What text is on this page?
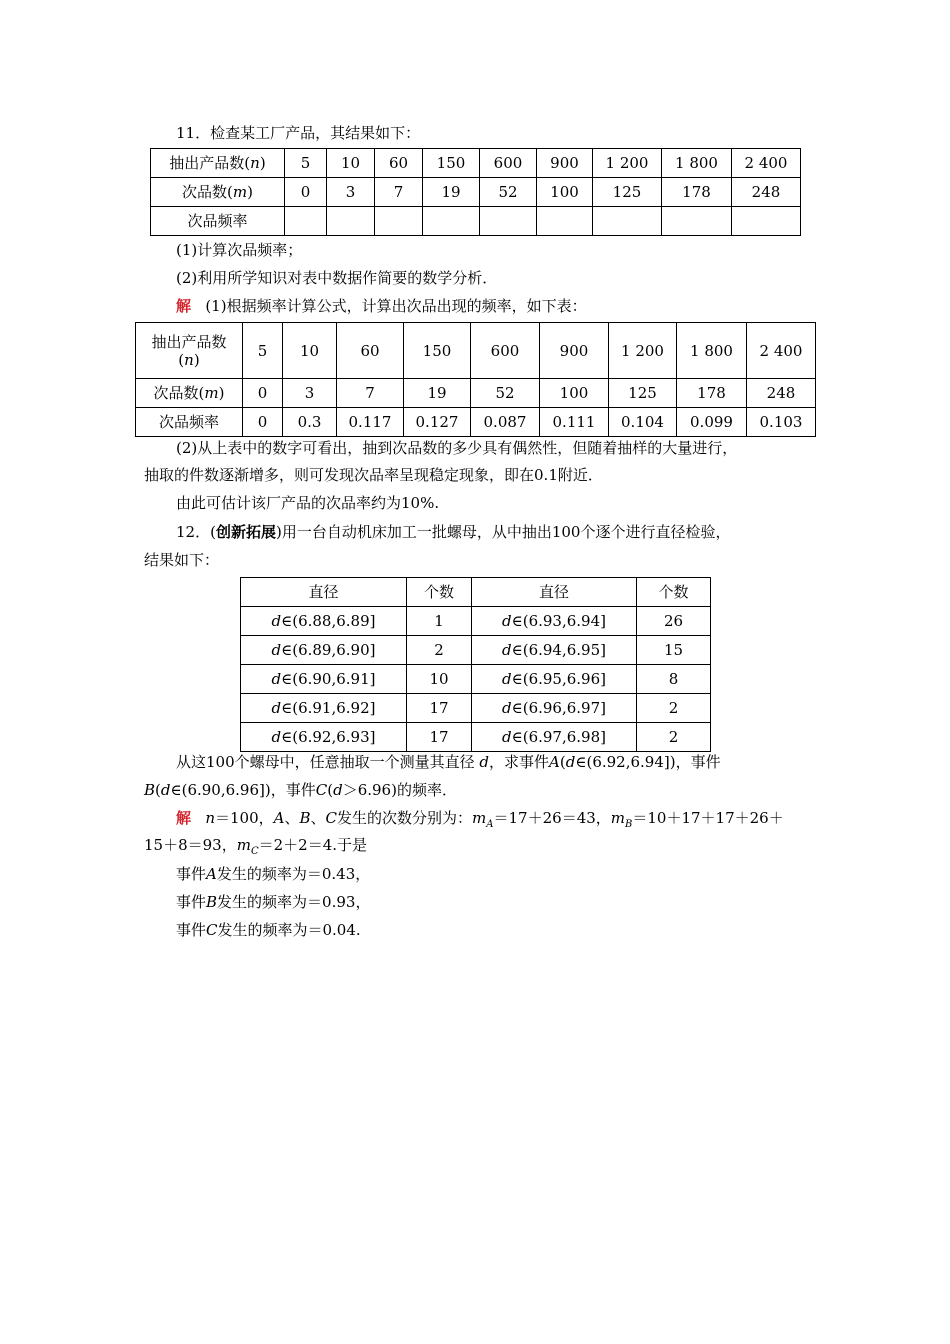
11．检查某工厂产品，其结果如下：
抽出产品数(n)	5	10	60	150	600	900	1 200	1 800	2 400
次品数(m)	0	3	7	19	52	100	125	178	248
次品频率									
(1)计算次品频率；
(2)利用所学知识对表中数据作简要的数学分析．
解 (1)根据频率计算公式，计算出次品出现的频率，如下表：
抽出产品数
(n)	5	10	60	150	600	900	1 200	1 800	2 400
次品数(m)	0	3	7	19	52	100	125	178	248
次品频率	0	0.3	0.117	0.127	0.087	0.111	0.104	0.099	0.103
(2)从上表中的数字可看出，抽到次品数的多少具有偶然性，但随着抽样的大量进行，
抽取的件数逐渐增多，则可发现次品率呈现稳定现象，即在0.1附近．
由此可估计该厂产品的次品率约为10%.
12．(创新拓展)用一台自动机床加工一批螺母，从中抽出100个逐个进行直径检验，
结果如下：
直径	个数	直径	个数
d∈(6.88,6.89]	1	d∈(6.93,6.94]	26
d∈(6.89,6.90]	2	d∈(6.94,6.95]	15
d∈(6.90,6.91]	10	d∈(6.95,6.96]	8
d∈(6.91,6.92]	17	d∈(6.96,6.97]	2
d∈(6.92,6.93]	17	d∈(6.97,6.98]	2
从这100个螺母中，任意抽取一个测量其直径 d，求事件A(d∈(6.92,6.94])，事件
B(d∈(6.90,6.96])，事件C(d＞6.96)的频率．
解 n＝100，A、B、C发生的次数分别为：$m_A=17+26=43$，$m_B=10+17+17+26+$
15＋8＝93，$m_C=2+2=4$.于是
事件A发生的频率为＝0.43，
事件B发生的频率为＝0.93，
事件C发生的频率为＝0.04.
